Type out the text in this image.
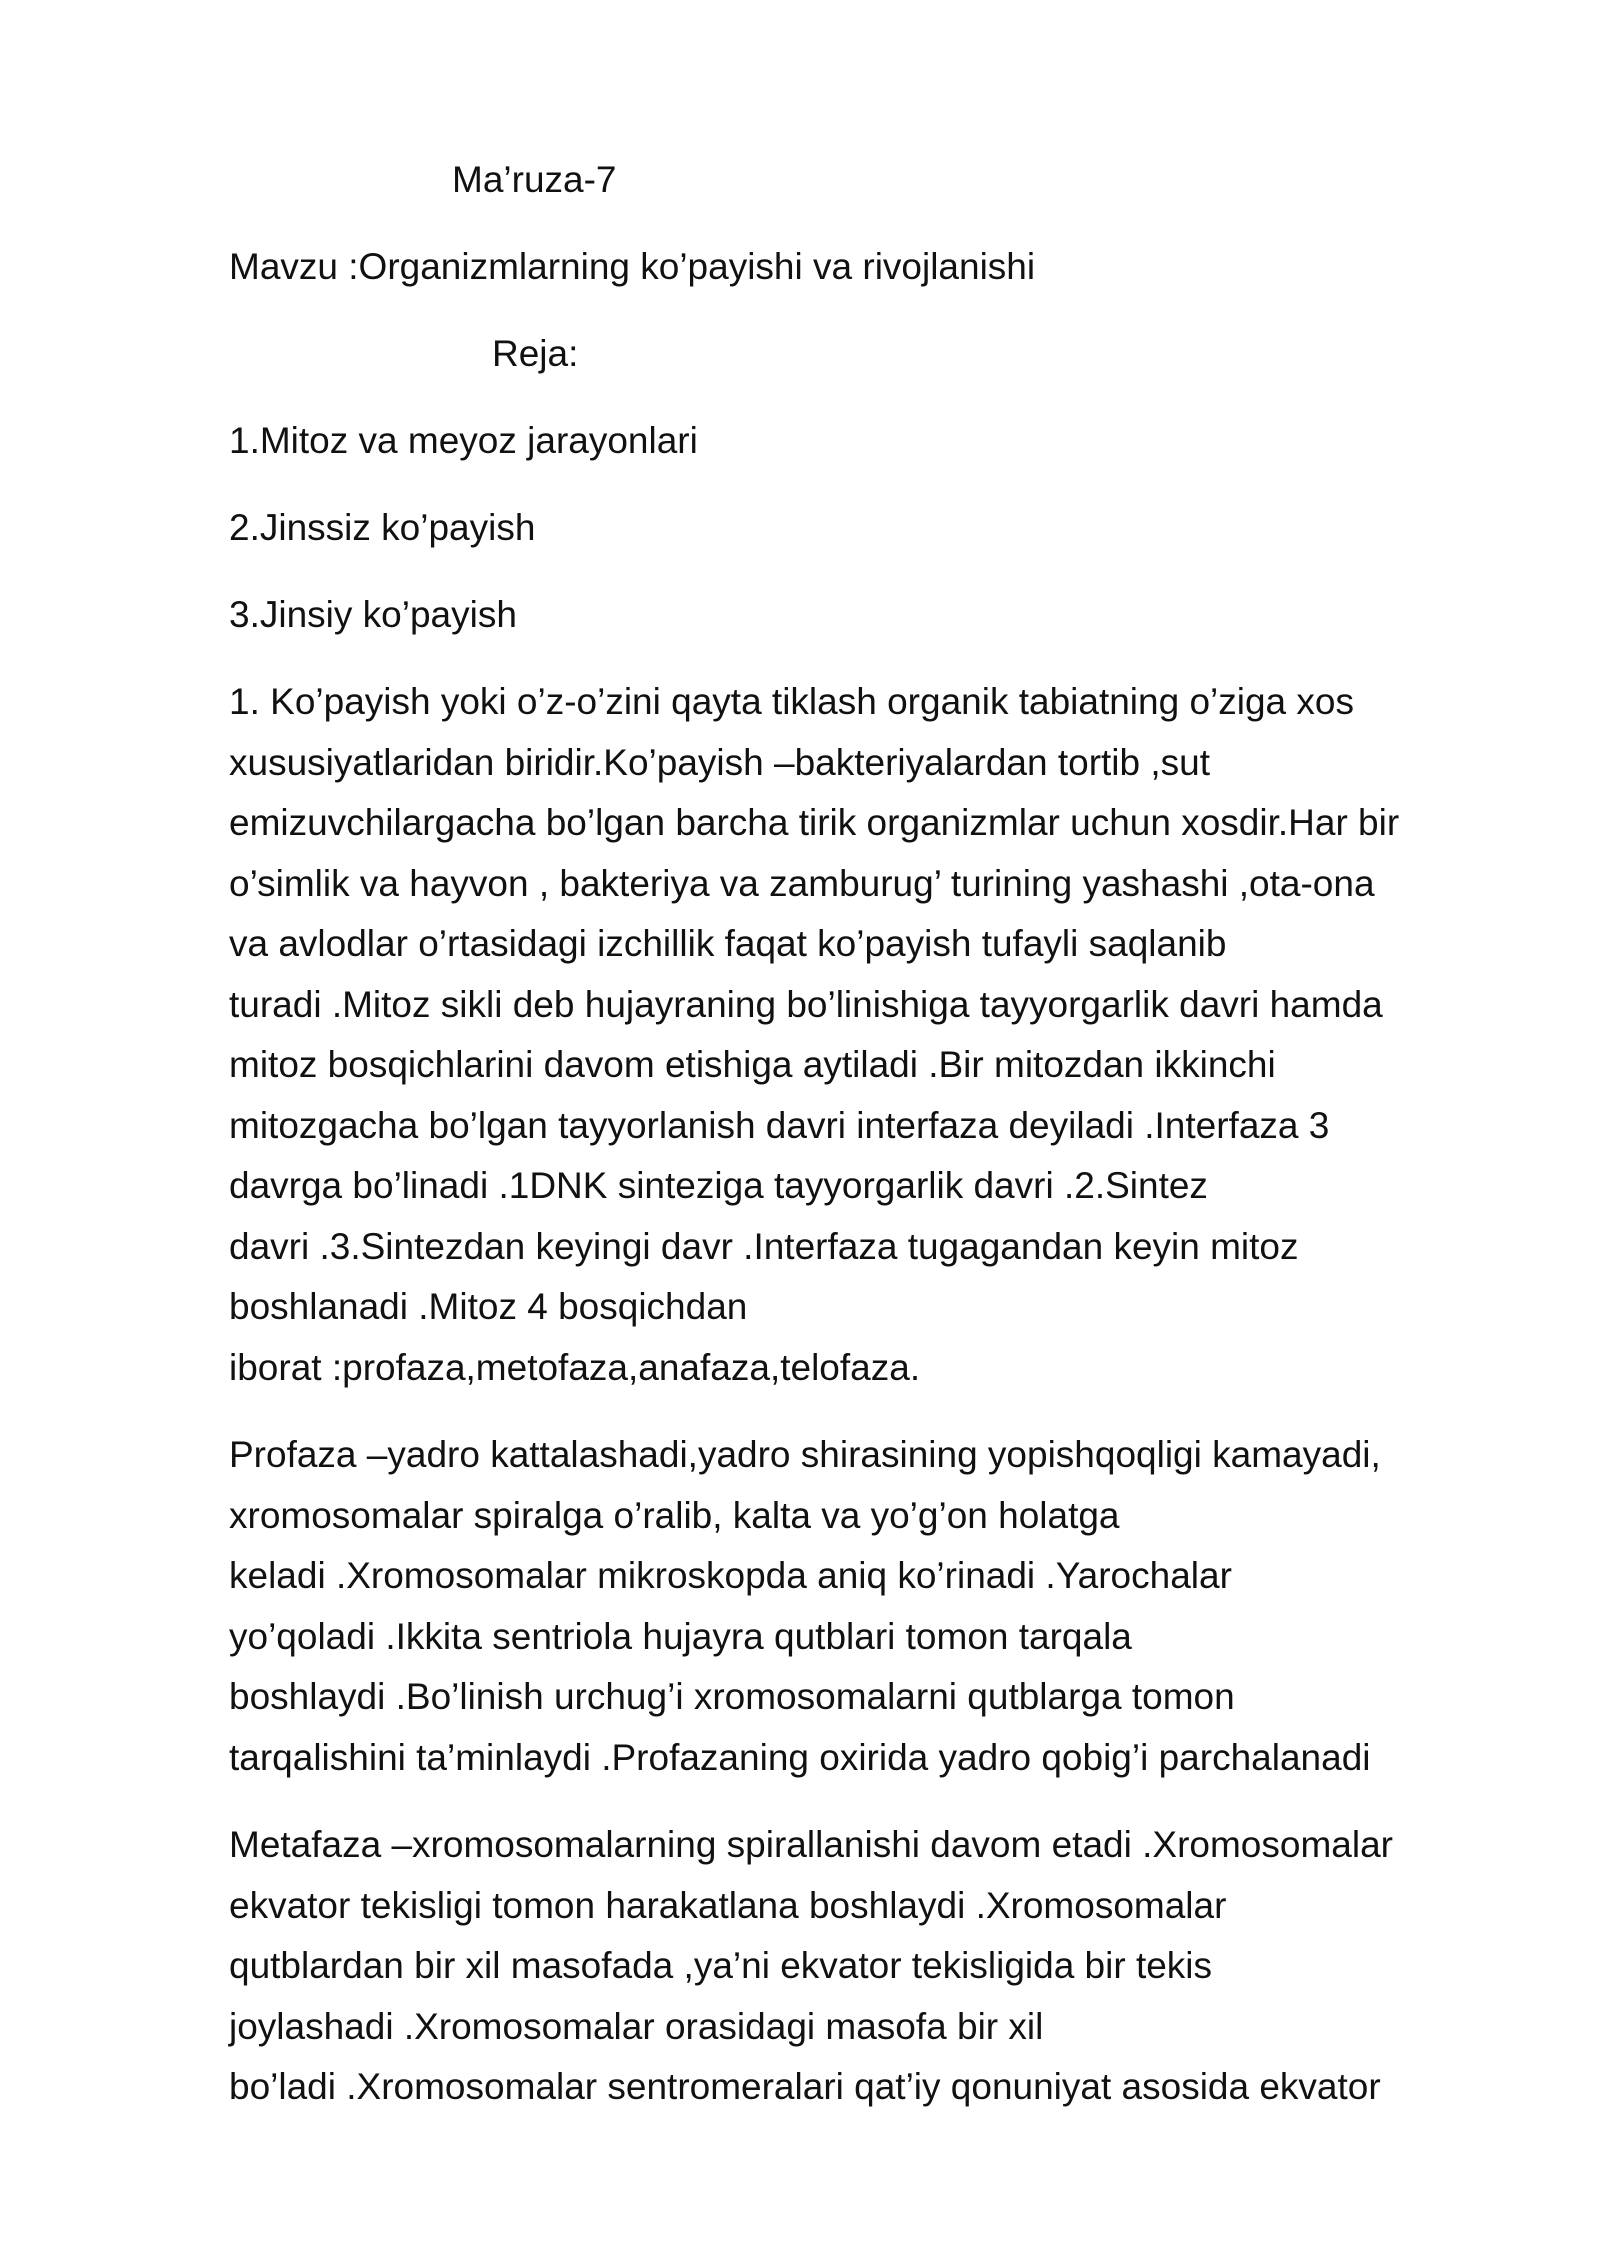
Ma’ruza-7
Mavzu :Organizmlarning ko’payishi va rivojlanishi
Reja:
1.Mitoz va meyoz jarayonlari
2.Jinssiz ko’payish
3.Jinsiy ko’payish
1. Ko’payish yoki o’z-o’zini qayta tiklash organik tabiatning o’ziga xos
xususiyatlaridan biridir.Ko’payish –bakteriyalardan tortib ,sut
emizuvchilargacha bo’lgan barcha tirik organizmlar uchun xosdir.Har bir
o’simlik va hayvon , bakteriya va zamburug’ turining yashashi ,ota-ona
va avlodlar o’rtasidagi izchillik faqat ko’payish tufayli saqlanib
turadi .Mitoz sikli deb hujayraning bo’linishiga tayyorgarlik davri hamda
mitoz bosqichlarini davom etishiga aytiladi .Bir mitozdan ikkinchi
mitozgacha bo’lgan tayyorlanish davri interfaza deyiladi .Interfaza 3
davrga bo’linadi .1DNK sinteziga tayyorgarlik davri .2.Sintez
davri .3.Sintezdan keyingi davr .Interfaza tugagandan keyin mitoz
boshlanadi .Mitoz 4 bosqichdan
iborat :profaza,metofaza,anafaza,telofaza.
Profaza –yadro kattalashadi,yadro shirasining yopishqoqligi kamayadi,
xromosomalar spiralga o’ralib, kalta va yo’g’on holatga
keladi .Xromosomalar mikroskopda aniq ko’rinadi .Yarochalar
yo’qoladi .Ikkita sentriola hujayra qutblari tomon tarqala
boshlaydi .Bo’linish urchug’i xromosomalarni qutblarga tomon
tarqalishini ta’minlaydi .Profazaning oxirida yadro qobig’i parchalanadi
Metafaza –xromosomalarning spirallanishi davom etadi .Xromosomalar
ekvator tekisligi tomon harakatlana boshlaydi .Xromosomalar
qutblardan bir xil masofada ,ya’ni ekvator tekisligida bir tekis
joylashadi .Xromosomalar orasidagi masofa bir xil
bo’ladi .Xromosomalar sentromeralari qat’iy qonuniyat asosida ekvator
